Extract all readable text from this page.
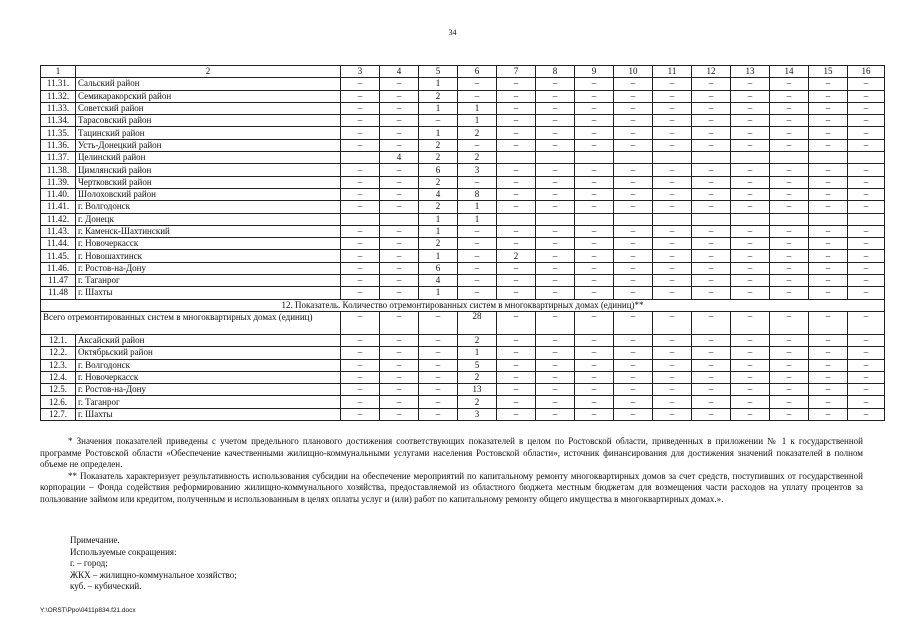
34
1	2	3	4	5	6	7	8	9	10	11	12	13	14	15	16
11.31.	Сальский район	–	–	1	–	–	–	–	–	–	–	–	–	–	–
11.32.	Семикаракорский район	–	–	2	–	–	–	–	–	–	–	–	–	–	–
11.33.	Советский район	–	–	1	1	–	–	–	–	–	–	–	–	–	–
11.34.	Тарасовский район	–	–	–	1	–	–	–	–	–	–	–	–	–	–
11.35.	Тацинский район	–	–	1	2	–	–	–	–	–	–	–	–	–	–
11.36.	Усть-Донецкий район	–	–	2	–	–	–	–	–	–	–	–	–	–	–
11.37.	Целинский район		4	2	2										
11.38.	Цимлянский район	–	–	6	3	–	–	–	–	–	–	–	–	–	–
11.39.	Чертковский район	–	–	2	–	–	–	–	–	–	–	–	–	–	–
11.40.	Шолоховский район	–	–	4	8	–	–	–	–	–	–	–	–	–	–
11.41.	г. Волгодонск	–	–	2	1	–	–	–	–	–	–	–	–	–	–
11.42.	г. Донецк			1	1										
11.43.	г. Каменск-Шахтинский	–	–	1	–	–	–	–	–	–	–	–	–	–	–
11.44.	г. Новочеркасск	–	–	2	–	–	–	–	–	–	–	–	–	–	–
11.45.	г. Новошахтинск	–	–	1	–	2	–	–	–	–	–	–	–	–	–
11.46.	г. Ростов-на-Дону	–	–	6	–	–	–	–	–	–	–	–	–	–	–
11.47	г. Таганрог	–	–	4	–	–	–	–	–	–	–	–	–	–	–
11.48	г. Шахты	–	–	1	–	–	–	–	–	–	–	–	–	–	–
12. Показатель. Количество отремонтированных систем в многоквартирных домах (единиц)**															
Всего отремонтированных систем в многоквартирных домах (единиц)		–	–	–	28	–	–	–	–	–	–	–	–	–	–
12.1.	Аксайский район	–	–	–	2	–	–	–	–	–	–	–	–	–	–
12.2.	Октябрьский район	–	–	–	1	–	–	–	–	–	–	–	–	–	–
12.3.	г. Волгодонск	–	–	–	5	–	–	–	–	–	–	–	–	–	–
12.4.	г. Новочеркасск	–	–	–	2	–	–	–	–	–	–	–	–	–	–
12.5.	г. Ростов-на-Дону	–	–	–	13	–	–	–	–	–	–	–	–	–	–
12.6.	г. Таганрог	–	–	–	2	–	–	–	–	–	–	–	–	–	–
12.7.	г. Шахты	–	–	–	3	–	–	–	–	–	–	–	–	–	–

* Значения показателей приведены с учетом предельного планового достижения соответствующих показателей в целом по Ростовской области, приведенных в приложении № 1 к государственной программе Ростовской области «Обеспечение качественными жилищно-коммунальными услугами населения Ростовской области», источник финансирования для достижения значений показателей в полном объеме не определен.

** Показатель характеризует результативность использования субсидии на обеспечение мероприятий по капитальному ремонту многоквартирных домов за счет средств, поступивших от государственной корпорации – Фонда содействия реформированию жилищно-коммунального хозяйства, предоставляемой из областного бюджета местным бюджетам для возмещения части расходов на уплату процентов за пользование займом или кредитом, полученным и использованным в целях оплаты услуг и (или) работ по капитальному ремонту общего имущества в многоквартирных домах.».

Примечание.
Используемые сокращения:
г. – город;
ЖКХ – жилищно-коммунальное хозяйство;
куб. – кубический.
Y:\ORST\Ppo\0411p834.f21.docx
